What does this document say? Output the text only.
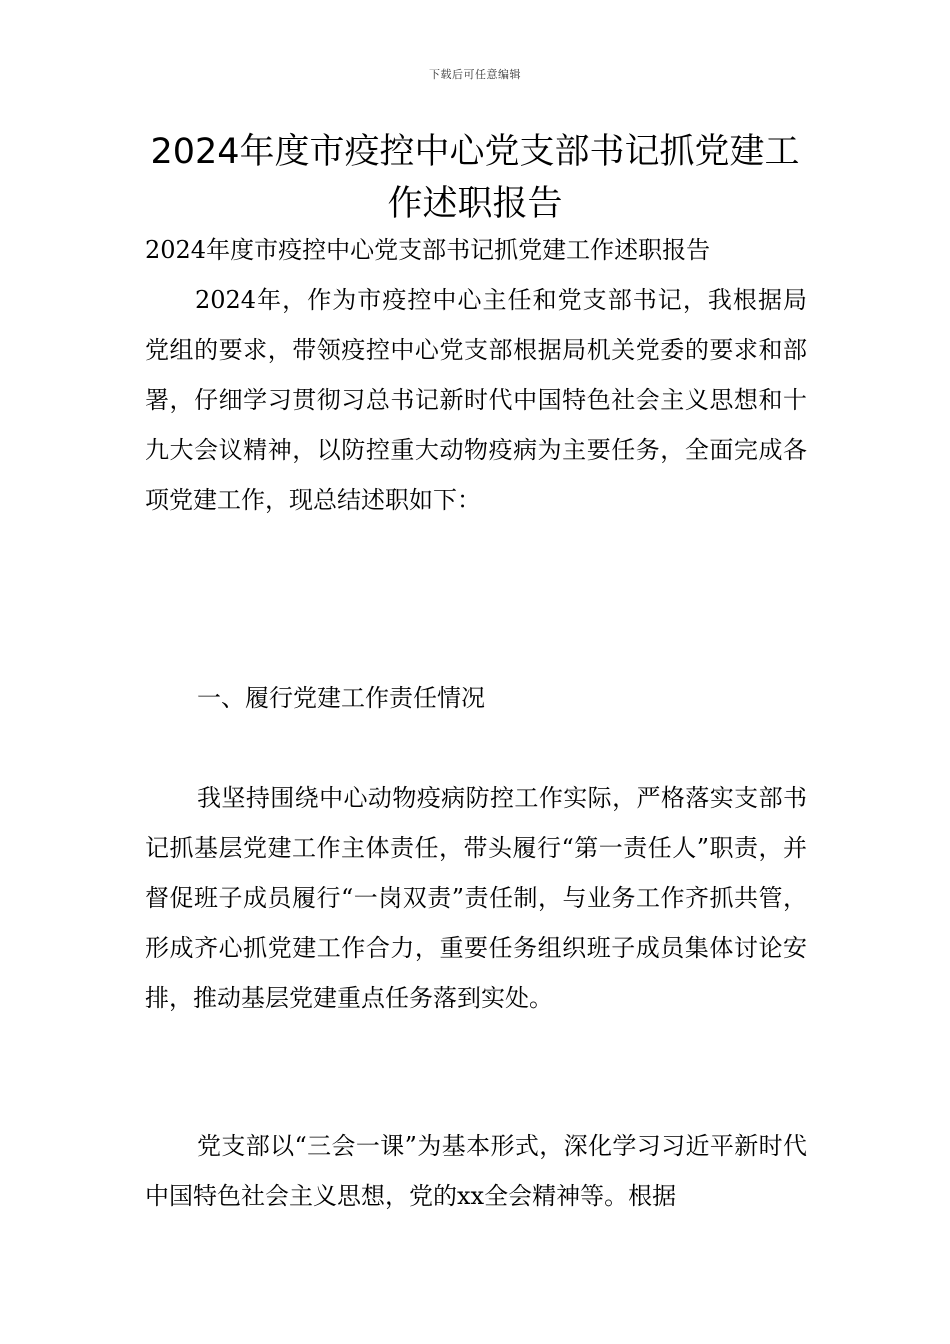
下载后可任意编辑
2024年度市疫控中心党支部书记抓党建工作述职报告

2024年度市疫控中心党支部书记抓党建工作述职报告

2024年，作为市疫控中心主任和党支部书记，我根据局党组的要求，带领疫控中心党支部根据局机关党委的要求和部署，仔细学习贯彻习总书记新时代中国特色社会主义思想和十九大会议精神，以防控重大动物疫病为主要任务，全面完成各项党建工作，现总结述职如下：

一、履行党建工作责任情况

我坚持围绕中心动物疫病防控工作实际，严格落实支部书记抓基层党建工作主体责任，带头履行“第一责任人”职责，并督促班子成员履行“一岗双责”责任制，与业务工作齐抓共管，形成齐心抓党建工作合力，重要任务组织班子成员集体讨论安排，推动基层党建重点任务落到实处。

党支部以“三会一课”为基本形式，深化学习习近平新时代中国特色社会主义思想，党的xx全会精神等。根据
